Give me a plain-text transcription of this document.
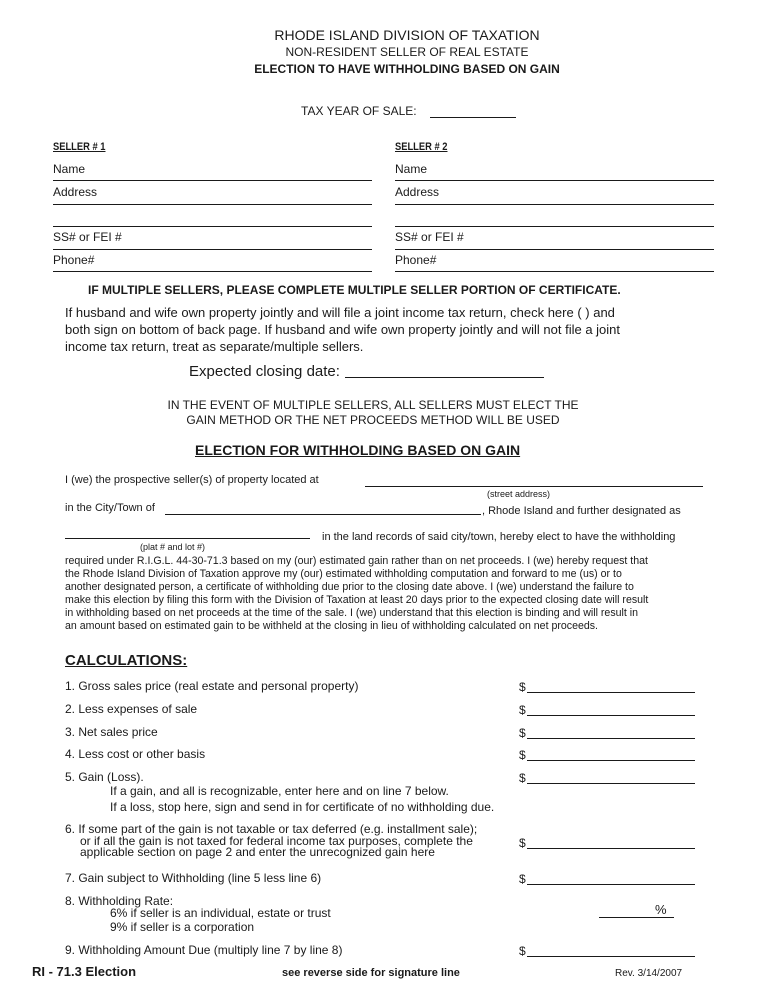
RHODE ISLAND DIVISION OF TAXATION
NON-RESIDENT SELLER OF REAL ESTATE
ELECTION TO HAVE WITHHOLDING BASED ON GAIN
TAX YEAR OF SALE:
SELLER # 1
Name
Address
SS# or FEI #
Phone#
SELLER # 2
Name
Address
SS# or FEI #
Phone#
IF MULTIPLE SELLERS, PLEASE COMPLETE MULTIPLE SELLER PORTION OF CERTIFICATE.
If husband and wife own property jointly and will file a joint income tax return, check here ( ) and
both sign on bottom of back page. If husband and wife own property jointly and will not file a joint
income tax return, treat as separate/multiple sellers.
Expected closing date:
IN THE EVENT OF MULTIPLE SELLERS, ALL SELLERS MUST ELECT THE
GAIN METHOD OR THE NET PROCEEDS METHOD WILL BE USED
ELECTION FOR WITHHOLDING BASED ON GAIN
I (we) the prospective seller(s) of property located at
(street address)
in the City/Town of	, Rhode Island and further designated as
in the land records of said city/town, hereby elect to have the withholding
(plat # and lot #)
required under R.I.G.L. 44-30-71.3 based on my (our) estimated gain rather than on net proceeds. I (we) hereby request that
the Rhode Island Division of Taxation approve my (our) estimated withholding computation and forward to me (us) or to
another designated person, a certificate of withholding due prior to the closing date above. I (we) understand the failure to
make this election by filing this form with the Division of Taxation at least 20 days prior to the expected closing date will result
in withholding based on net proceeds at the time of the sale. I (we) understand that this election is binding and will result in
an amount based on estimated gain to be withheld at the closing in lieu of withholding calculated on net proceeds.
CALCULATIONS:
1. Gross sales price (real estate and personal property)	$
2. Less expenses of sale	$
3. Net sales price	$
4. Less cost or other basis	$
5. Gain (Loss).	$
If a gain, and all is recognizable, enter here and on line 7 below.
If a loss, stop here, sign and send in for certificate of no withholding due.
6. If some part of the gain is not taxable or tax deferred (e.g. installment sale);
or if all the gain is not taxed for federal income tax purposes, complete the
applicable section on page 2 and enter the unrecognized gain here
$
7. Gain subject to Withholding (line 5 less line 6)	$
8. Withholding Rate:
6% if seller is an individual, estate or trust
9% if seller is a corporation
%
9. Withholding Amount Due (multiply line 7 by line 8)	$
RI - 71.3 Election	see reverse side for signature line	Rev. 3/14/2007
